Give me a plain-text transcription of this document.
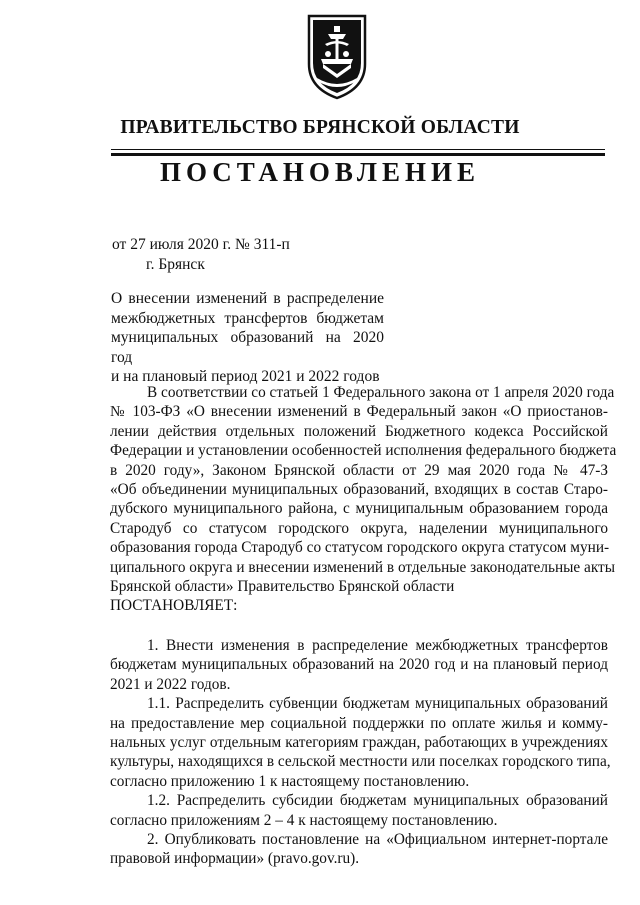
ПРАВИТЕЛЬСТВО БРЯНСКОЙ ОБЛАСТИ
ПОСТАНОВЛЕНИЕ
от 27 июля 2020 г. № 311-п
г. Брянск
О внесении изменений в распределение
межбюджетных трансфертов бюджетам
муниципальных образований на 2020 год
и на плановый период 2021 и 2022 годов
В соответствии со статьей 1 Федерального закона от 1 апреля 2020 года
№ 103-ФЗ «О внесении изменений в Федеральный закон «О приостанов-
лении действия отдельных положений Бюджетного кодекса Российской
Федерации и установлении особенностей исполнения федерального бюджета
в 2020 году», Законом Брянской области от 29 мая 2020 года № 47-З
«Об объединении муниципальных образований, входящих в состав Старо-
дубского муниципального района, с муниципальным образованием города
Стародуб со статусом городского округа, наделении муниципального
образования города Стародуб со статусом городского округа статусом муни-
ципального округа и внесении изменений в отдельные законодательные акты
Брянской области» Правительство Брянской области
ПОСТАНОВЛЯЕТ:
1. Внести изменения в распределение межбюджетных трансфертов
бюджетам муниципальных образований на 2020 год и на плановый период
2021 и 2022 годов.
1.1. Распределить субвенции бюджетам муниципальных образований
на предоставление мер социальной поддержки по оплате жилья и комму-
нальных услуг отдельным категориям граждан, работающих в учреждениях
культуры, находящихся в сельской местности или поселках городского типа,
согласно приложению 1 к настоящему постановлению.
1.2. Распределить субсидии бюджетам муниципальных образований
согласно приложениям 2 – 4 к настоящему постановлению.
2. Опубликовать постановление на «Официальном интернет-портале
правовой информации» (pravo.gov.ru).
